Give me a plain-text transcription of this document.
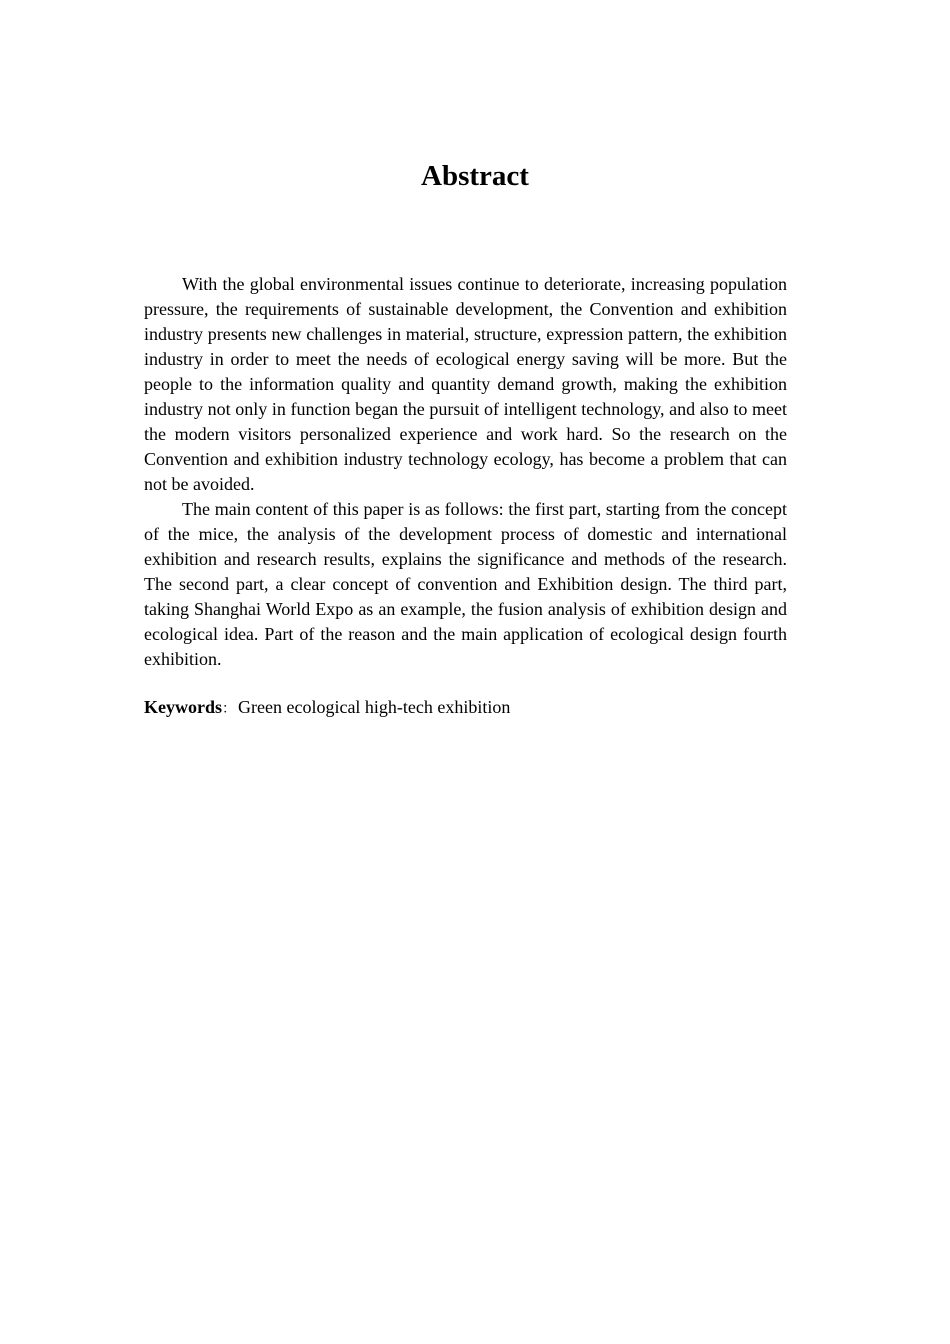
Abstract

With the global environmental issues continue to deteriorate, increasing population pressure, the requirements of sustainable development, the Convention and exhibition industry presents new challenges in material, structure, expression pattern, the exhibition industry in order to meet the needs of ecological energy saving will be more. But the people to the information quality and quantity demand growth, making the exhibition industry not only in function began the pursuit of intelligent technology, and also to meet the modern visitors personalized experience and work hard. So the research on the Convention and exhibition industry technology ecology, has become a problem that can not be avoided.

The main content of this paper is as follows: the first part, starting from the concept of the mice, the analysis of the development process of domestic and international exhibition and research results, explains the significance and methods of the research. The second part, a clear concept of convention and Exhibition design. The third part, taking Shanghai World Expo as an example, the fusion analysis of exhibition design and ecological idea. Part of the reason and the main application of ecological design fourth exhibition.

Keywords： Green ecological high-tech exhibition
